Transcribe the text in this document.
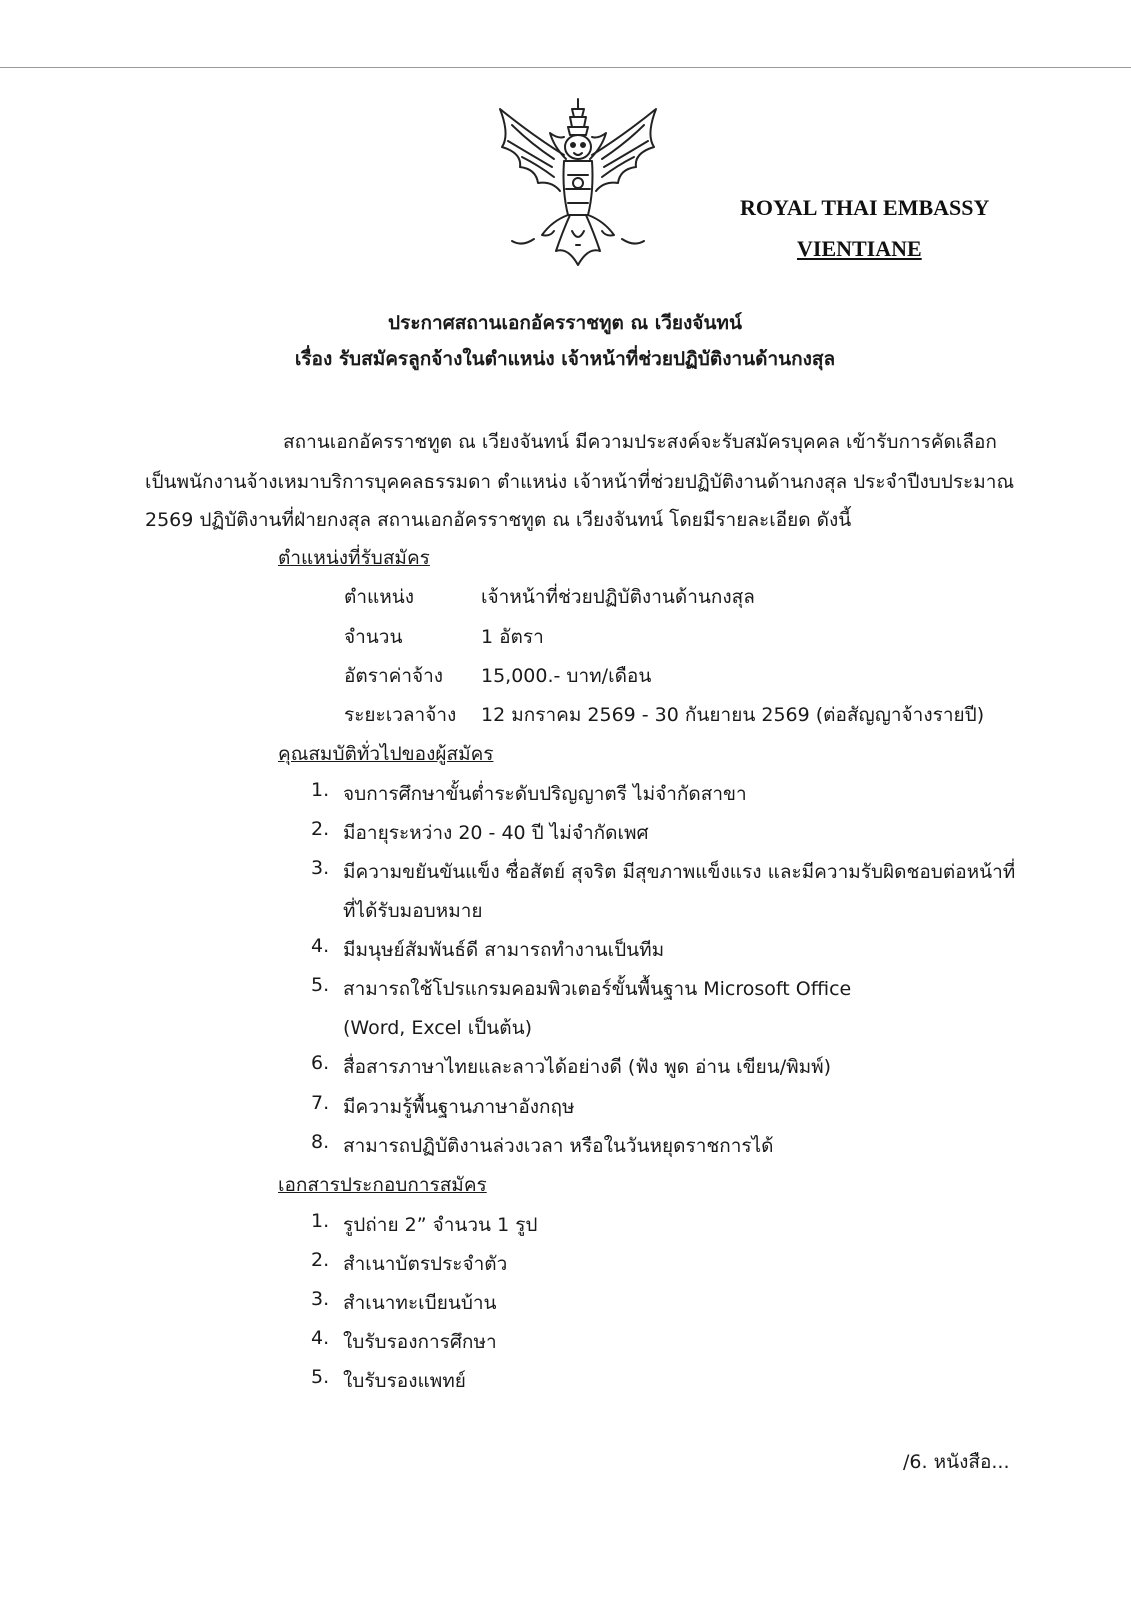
ROYAL THAI EMBASSY
VIENTIANE
ประกาศสถานเอกอัครราชทูต ณ เวียงจันทน์
เรื่อง รับสมัครลูกจ้างในตำแหน่ง เจ้าหน้าที่ช่วยปฏิบัติงานด้านกงสุล
สถานเอกอัครราชทูต ณ เวียงจันทน์ มีความประสงค์จะรับสมัครบุคคล เข้ารับการคัดเลือก
เป็นพนักงานจ้างเหมาบริการบุคคลธรรมดา ตำแหน่ง เจ้าหน้าที่ช่วยปฏิบัติงานด้านกงสุล ประจำปีงบประมาณ
2569 ปฏิบัติงานที่ฝ่ายกงสุล สถานเอกอัครราชทูต ณ เวียงจันทน์ โดยมีรายละเอียด ดังนี้
ตำแหน่งที่รับสมัคร
ตำแหน่ง	เจ้าหน้าที่ช่วยปฏิบัติงานด้านกงสุล
จำนวน	1 อัตรา
อัตราค่าจ้าง 15,000.- บาท/เดือน
ระยะเวลาจ้าง 12 มกราคม 2569 - 30 กันยายน 2569 (ต่อสัญญาจ้างรายปี)
คุณสมบัติทั่วไปของผู้สมัคร
1. จบการศึกษาขั้นต่ำระดับปริญญาตรี ไม่จำกัดสาขา
2. มีอายุระหว่าง 20 - 40 ปี ไม่จำกัดเพศ
3. มีความขยันขันแข็ง ซื่อสัตย์ สุจริต มีสุขภาพแข็งแรง และมีความรับผิดชอบต่อหน้าที่
ที่ได้รับมอบหมาย
4. มีมนุษย์สัมพันธ์ดี สามารถทำงานเป็นทีม
5. สามารถใช้โปรแกรมคอมพิวเตอร์ขั้นพื้นฐาน Microsoft Office
(Word, Excel เป็นต้น)
6. สื่อสารภาษาไทยและลาวได้อย่างดี (ฟัง พูด อ่าน เขียน/พิมพ์)
7. มีความรู้พื้นฐานภาษาอังกฤษ
8. สามารถปฏิบัติงานล่วงเวลา หรือในวันหยุดราชการได้
เอกสารประกอบการสมัคร
1. รูปถ่าย 2” จำนวน 1 รูป
2. สำเนาบัตรประจำตัว
3. สำเนาทะเบียนบ้าน
4. ใบรับรองการศึกษา
5. ใบรับรองแพทย์
/6. หนังสือ...
